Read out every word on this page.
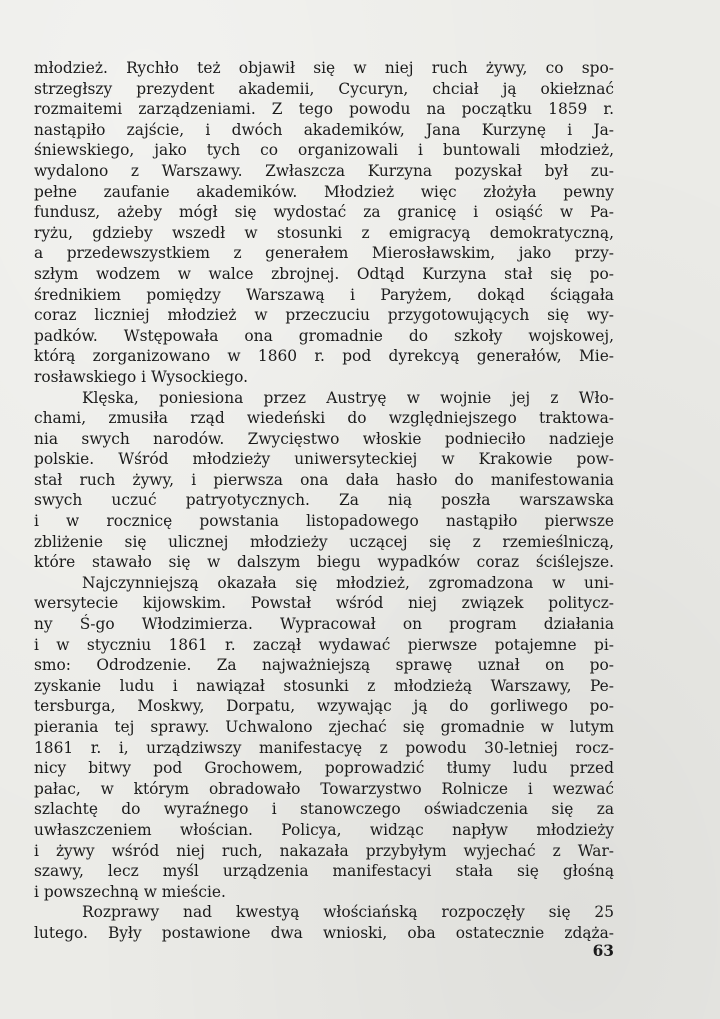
młodzież. Rychło też objawił się w niej ruch żywy, co spo-
strzegłszy prezydent akademii, Cycuryn, chciał ją okiełznać
rozmaitemi zarządzeniami. Z tego powodu na początku 1859 r.
nastąpiło zajście, i dwóch akademików, Jana Kurzynę i Ja-
śniewskiego, jako tych co organizowali i buntowali młodzież,
wydalono z Warszawy. Zwłaszcza Kurzyna pozyskał był zu-
pełne zaufanie akademików. Młodzież więc złożyła pewny
fundusz, ażeby mógł się wydostać za granicę i osiąść w Pa-
ryżu, gdzieby wszedł w stosunki z emigracyą demokratyczną,
a przedewszystkiem z generałem Mierosławskim, jako przy-
szłym wodzem w walce zbrojnej. Odtąd Kurzyna stał się po-
średnikiem pomiędzy Warszawą i Paryżem, dokąd ściągała
coraz liczniej młodzież w przeczuciu przygotowujących się wy-
padków. Wstępowała ona gromadnie do szkoły wojskowej,
którą zorganizowano w 1860 r. pod dyrekcyą generałów, Mie-
rosławskiego i Wysockiego.
Klęska, poniesiona przez Austryę w wojnie jej z Wło-
chami, zmusiła rząd wiedeński do względniejszego traktowa-
nia swych narodów. Zwycięstwo włoskie podnieciło nadzieje
polskie. Wśród młodzieży uniwersyteckiej w Krakowie pow-
stał ruch żywy, i pierwsza ona dała hasło do manifestowania
swych uczuć patryotycznych. Za nią poszła warszawska
i w rocznicę powstania listopadowego nastąpiło pierwsze
zbliżenie się ulicznej młodzieży uczącej się z rzemieślniczą,
które stawało się w dalszym biegu wypadków coraz ściślejsze.
Najczynniejszą okazała się młodzież, zgromadzona w uni-
wersytecie kijowskim. Powstał wśród niej związek politycz-
ny Ś-go Włodzimierza. Wypracował on program działania
i w styczniu 1861 r. zaczął wydawać pierwsze potajemne pi-
smo: Odrodzenie. Za najważniejszą sprawę uznał on po-
zyskanie ludu i nawiązał stosunki z młodzieżą Warszawy, Pe-
tersburga, Moskwy, Dorpatu, wzywając ją do gorliwego po-
pierania tej sprawy. Uchwalono zjechać się gromadnie w lutym
1861 r. i, urządziwszy manifestacyę z powodu 30-letniej rocz-
nicy bitwy pod Grochowem, poprowadzić tłumy ludu przed
pałac, w którym obradowało Towarzystwo Rolnicze i wezwać
szlachtę do wyraźnego i stanowczego oświadczenia się za
uwłaszczeniem włościan. Policya, widząc napływ młodzieży
i żywy wśród niej ruch, nakazała przybyłym wyjechać z War-
szawy, lecz myśl urządzenia manifestacyi stała się głośną
i powszechną w mieście.
Rozprawy nad kwestyą włościańską rozpoczęły się 25
lutego. Były postawione dwa wnioski, oba ostatecznie zdąża-
63
